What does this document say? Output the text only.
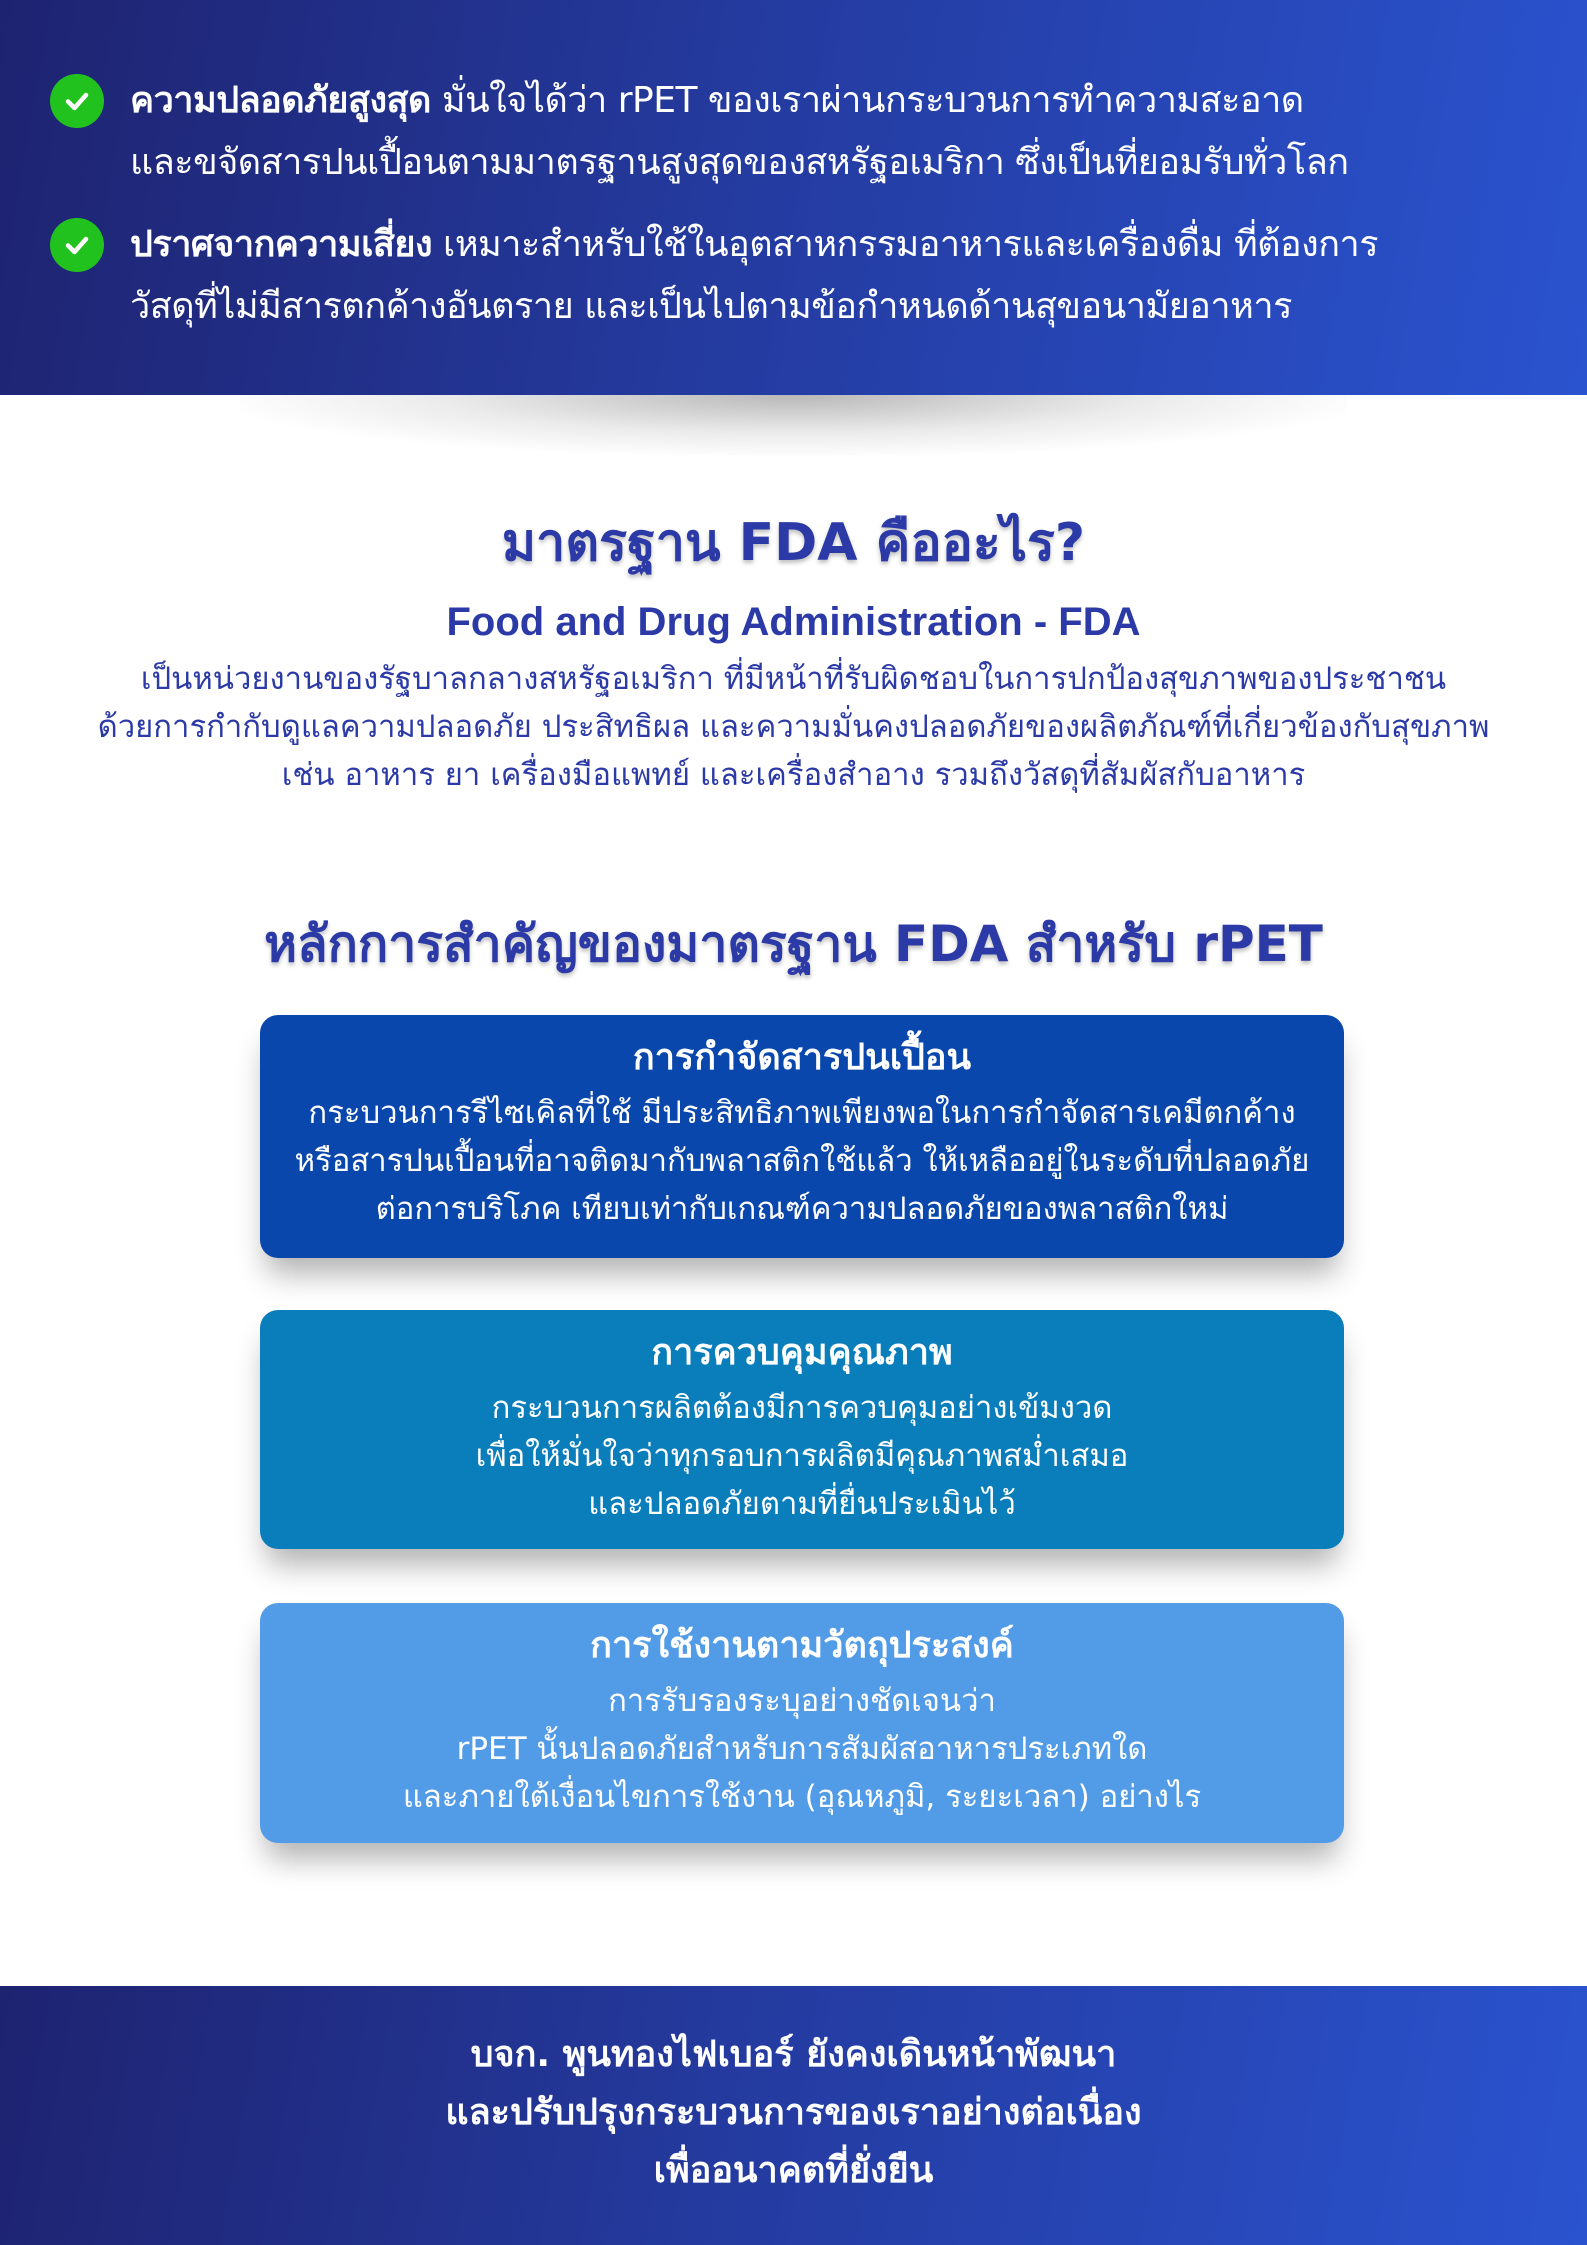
ความปลอดภัยสูงสุด มั่นใจได้ว่า rPET ของเราผ่านกระบวนการทำความสะอาด
และขจัดสารปนเปื้อนตามมาตรฐานสูงสุดของสหรัฐอเมริกา ซึ่งเป็นที่ยอมรับทั่วโลก
ปราศจากความเสี่ยง เหมาะสำหรับใช้ในอุตสาหกรรมอาหารและเครื่องดื่ม ที่ต้องการ
วัสดุที่ไม่มีสารตกค้างอันตราย และเป็นไปตามข้อกำหนดด้านสุขอนามัยอาหาร
มาตรฐาน FDA คืออะไร?
Food and Drug Administration - FDA
เป็นหน่วยงานของรัฐบาลกลางสหรัฐอเมริกา ที่มีหน้าที่รับผิดชอบในการปกป้องสุขภาพของประชาชน
ด้วยการกำกับดูแลความปลอดภัย ประสิทธิผล และความมั่นคงปลอดภัยของผลิตภัณฑ์ที่เกี่ยวข้องกับสุขภาพ
เช่น อาหาร ยา เครื่องมือแพทย์ และเครื่องสำอาง รวมถึงวัสดุที่สัมผัสกับอาหาร
หลักการสำคัญของมาตรฐาน FDA สำหรับ rPET
การกำจัดสารปนเปื้อน
กระบวนการรีไซเคิลที่ใช้ มีประสิทธิภาพเพียงพอในการกำจัดสารเคมีตกค้าง
หรือสารปนเปื้อนที่อาจติดมากับพลาสติกใช้แล้ว ให้เหลืออยู่ในระดับที่ปลอดภัย
ต่อการบริโภค เทียบเท่ากับเกณฑ์ความปลอดภัยของพลาสติกใหม่
การควบคุมคุณภาพ
กระบวนการผลิตต้องมีการควบคุมอย่างเข้มงวด
เพื่อให้มั่นใจว่าทุกรอบการผลิตมีคุณภาพสม่ำเสมอ
และปลอดภัยตามที่ยื่นประเมินไว้
การใช้งานตามวัตถุประสงค์
การรับรองระบุอย่างชัดเจนว่า
rPET นั้นปลอดภัยสำหรับการสัมผัสอาหารประเภทใด
และภายใต้เงื่อนไขการใช้งาน (อุณหภูมิ, ระยะเวลา) อย่างไร
บจก. พูนทองไฟเบอร์ ยังคงเดินหน้าพัฒนา
และปรับปรุงกระบวนการของเราอย่างต่อเนื่อง
เพื่ออนาคตที่ยั่งยืน
